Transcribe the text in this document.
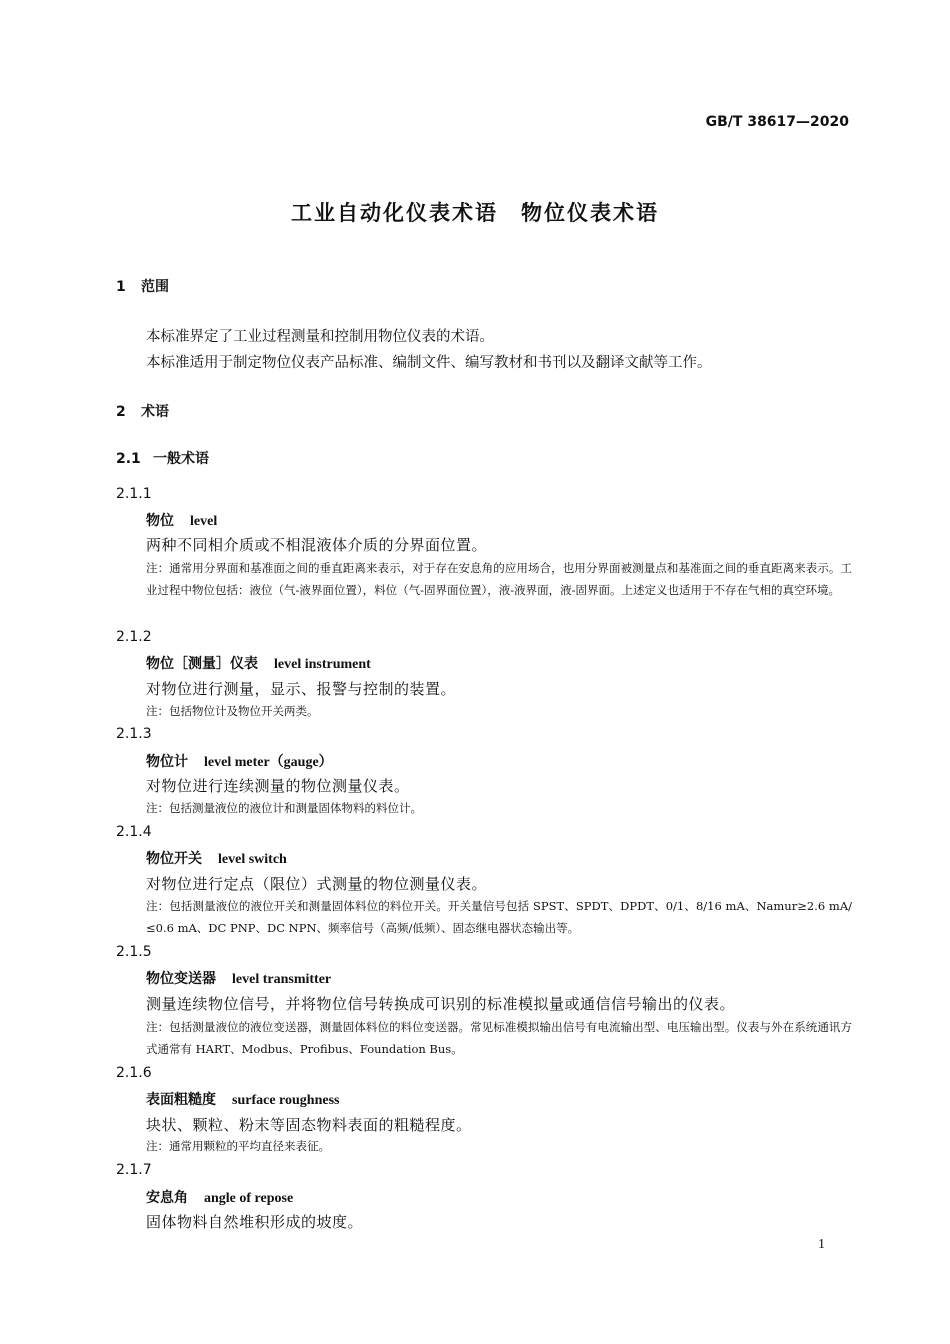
GB/T 38617—2020
工业自动化仪表术语　物位仪表术语
1 范围
本标准界定了工业过程测量和控制用物位仪表的术语。
本标准适用于制定物位仪表产品标准、编制文件、编写教材和书刊以及翻译文献等工作。
2 术语
2.1 一般术语
2.1.1
物位 level
两种不同相介质或不相混液体介质的分界面位置。
注：通常用分界面和基准面之间的垂直距离来表示，对于存在安息角的应用场合，也用分界面被测量点和基准面之间的垂直距离来表示。工业过程中物位包括：液位（气-液界面位置），料位（气-固界面位置），液-液界面，液-固界面。上述定义也适用于不存在气相的真空环境。
2.1.2
物位［测量］仪表 level instrument
对物位进行测量，显示、报警与控制的装置。
注：包括物位计及物位开关两类。
2.1.3
物位计 level meter（gauge）
对物位进行连续测量的物位测量仪表。
注：包括测量液位的液位计和测量固体物料的料位计。
2.1.4
物位开关 level switch
对物位进行定点（限位）式测量的物位测量仪表。
注：包括测量液位的液位开关和测量固体料位的料位开关。开关量信号包括 SPST、SPDT、DPDT、0/1、8/16 mA、Namur≥2.6 mA/≤0.6 mA、DC PNP、DC NPN、频率信号（高频/低频）、固态继电器状态输出等。
2.1.5
物位变送器 level transmitter
测量连续物位信号，并将物位信号转换成可识别的标准模拟量或通信信号输出的仪表。
注：包括测量液位的液位变送器，测量固体料位的料位变送器。常见标准模拟输出信号有电流输出型、电压输出型。仪表与外在系统通讯方式通常有 HART、Modbus、Profibus、Foundation Bus。
2.1.6
表面粗糙度 surface roughness
块状、颗粒、粉末等固态物料表面的粗糙程度。
注：通常用颗粒的平均直径来表征。
2.1.7
安息角 angle of repose
固体物料自然堆积形成的坡度。
1
